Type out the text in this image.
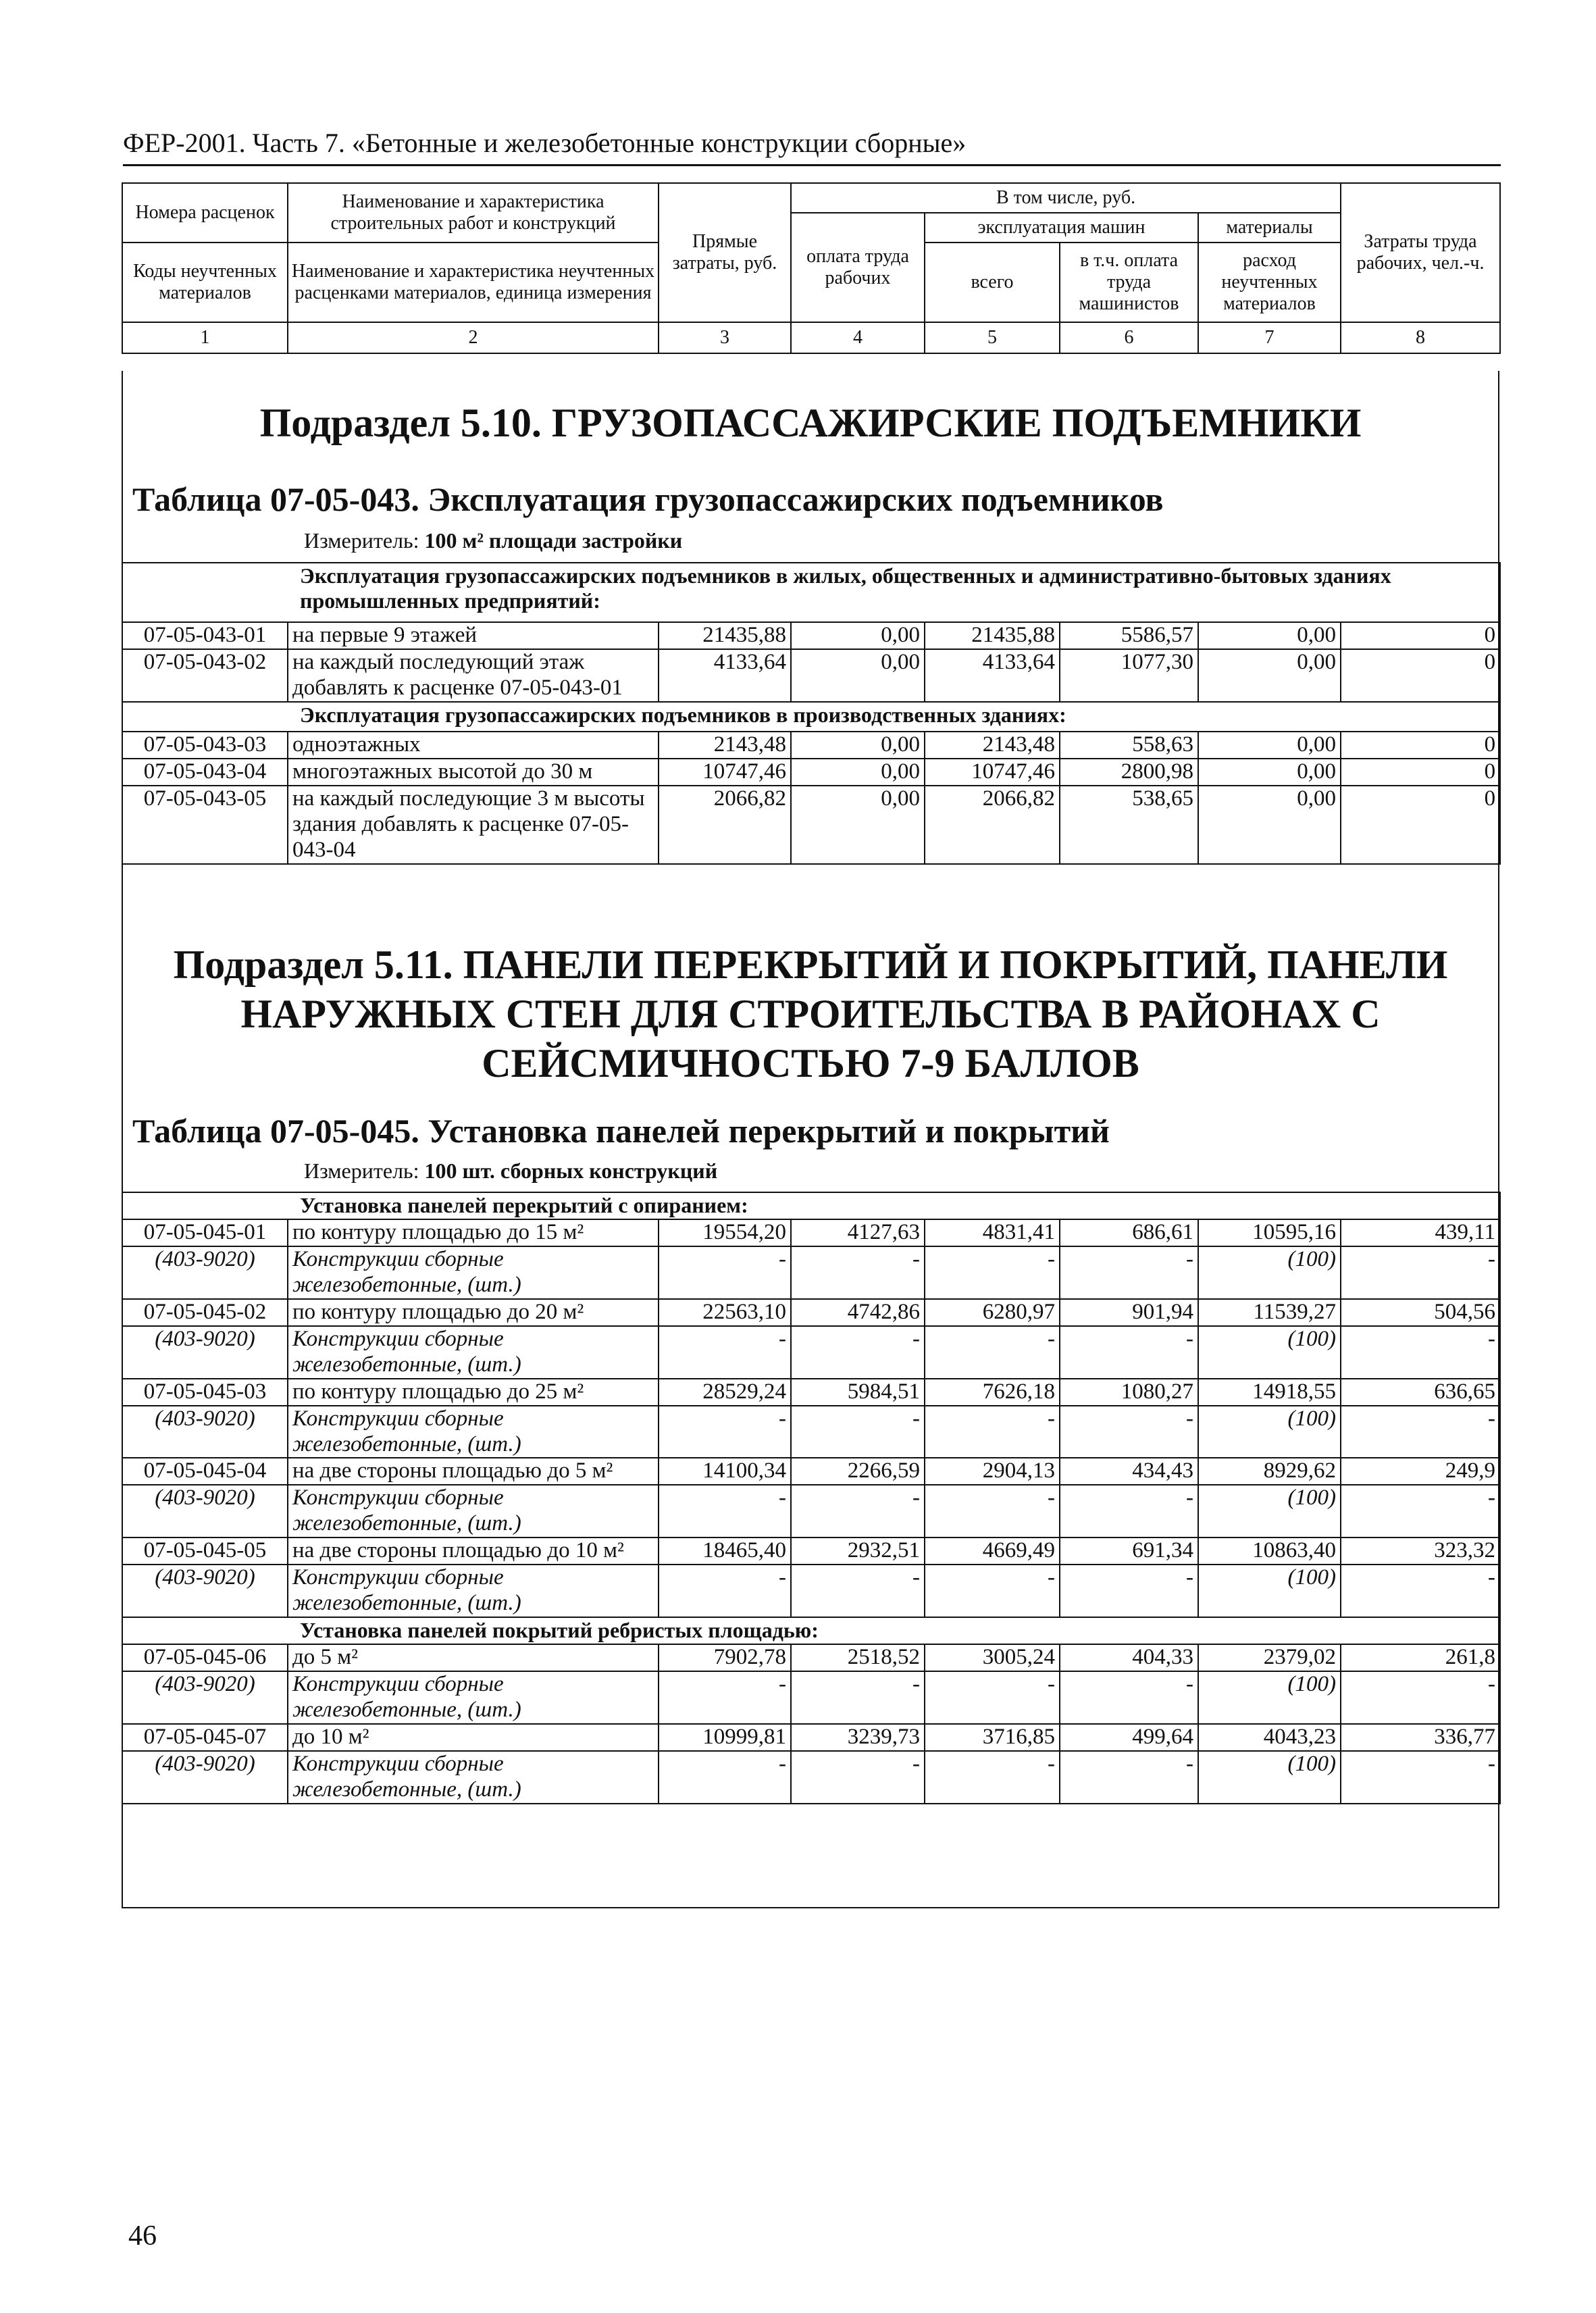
ФЕР-2001. Часть 7. «Бетонные и железобетонные конструкции сборные»
Номера расценок	Наименование и характеристика строительных работ и конструкций	Прямые затраты, руб.	В том числе, руб.				Затраты труда рабочих, чел.-ч.
			оплата труда рабочих	эксплуатация машин		материалы	
Коды неучтенных материалов	Наименование и характеристика неучтенных расценками материалов, единица измерения			всего	в т.ч. оплата труда машинистов	расход неучтенных материалов	

1	2	3	4	5	6	7	8
Подраздел 5.10. ГРУЗОПАССАЖИРСКИЕ ПОДЪЕМНИКИ
Таблица 07-05-043. Эксплуатация грузопассажирских подъемников
Измеритель: 100 м² площади застройки
Эксплуатация грузопассажирских подъемников в жилых, общественных и административно-бытовых зданиях промышленных предприятий:							
07-05-043-01	на первые 9 этажей	21435,88	0,00	21435,88	5586,57	0,00	0
07-05-043-02	на каждый последующий этаж добавлять к расценке 07-05-043-01	4133,64	0,00	4133,64	1077,30	0,00	0
Эксплуатация грузопассажирских подъемников в производственных зданиях:							
07-05-043-03	одноэтажных	2143,48	0,00	2143,48	558,63	0,00	0
07-05-043-04	многоэтажных высотой до 30 м	10747,46	0,00	10747,46	2800,98	0,00	0
07-05-043-05	на каждый последующие 3 м высоты здания добавлять к расценке 07-05-043-04	2066,82	0,00	2066,82	538,65	0,00	0
Подраздел 5.11. ПАНЕЛИ ПЕРЕКРЫТИЙ И ПОКРЫТИЙ, ПАНЕЛИ
НАРУЖНЫХ СТЕН ДЛЯ СТРОИТЕЛЬСТВА В РАЙОНАХ С
СЕЙСМИЧНОСТЬЮ 7-9 БАЛЛОВ
Таблица 07-05-045. Установка панелей перекрытий и покрытий
Измеритель: 100 шт. сборных конструкций
Установка панелей перекрытий с опиранием:							
07-05-045-01	по контуру площадью до 15 м²	19554,20	4127,63	4831,41	686,61	10595,16	439,11
(403-9020)	Конструкции сборные железобетонные, (шт.)	-	-	-	-	(100)	-
07-05-045-02	по контуру площадью до 20 м²	22563,10	4742,86	6280,97	901,94	11539,27	504,56
(403-9020)	Конструкции сборные железобетонные, (шт.)	-	-	-	-	(100)	-
07-05-045-03	по контуру площадью до 25 м²	28529,24	5984,51	7626,18	1080,27	14918,55	636,65
(403-9020)	Конструкции сборные железобетонные, (шт.)	-	-	-	-	(100)	-
07-05-045-04	на две стороны площадью до 5 м²	14100,34	2266,59	2904,13	434,43	8929,62	249,9
(403-9020)	Конструкции сборные железобетонные, (шт.)	-	-	-	-	(100)	-
07-05-045-05	на две стороны площадью до 10 м²	18465,40	2932,51	4669,49	691,34	10863,40	323,32
(403-9020)	Конструкции сборные железобетонные, (шт.)	-	-	-	-	(100)	-
Установка панелей покрытий ребристых площадью:							
07-05-045-06	до 5 м²	7902,78	2518,52	3005,24	404,33	2379,02	261,8
(403-9020)	Конструкции сборные железобетонные, (шт.)	-	-	-	-	(100)	-
07-05-045-07	до 10 м²	10999,81	3239,73	3716,85	499,64	4043,23	336,77
(403-9020)	Конструкции сборные железобетонные, (шт.)	-	-	-	-	(100)	-
46
